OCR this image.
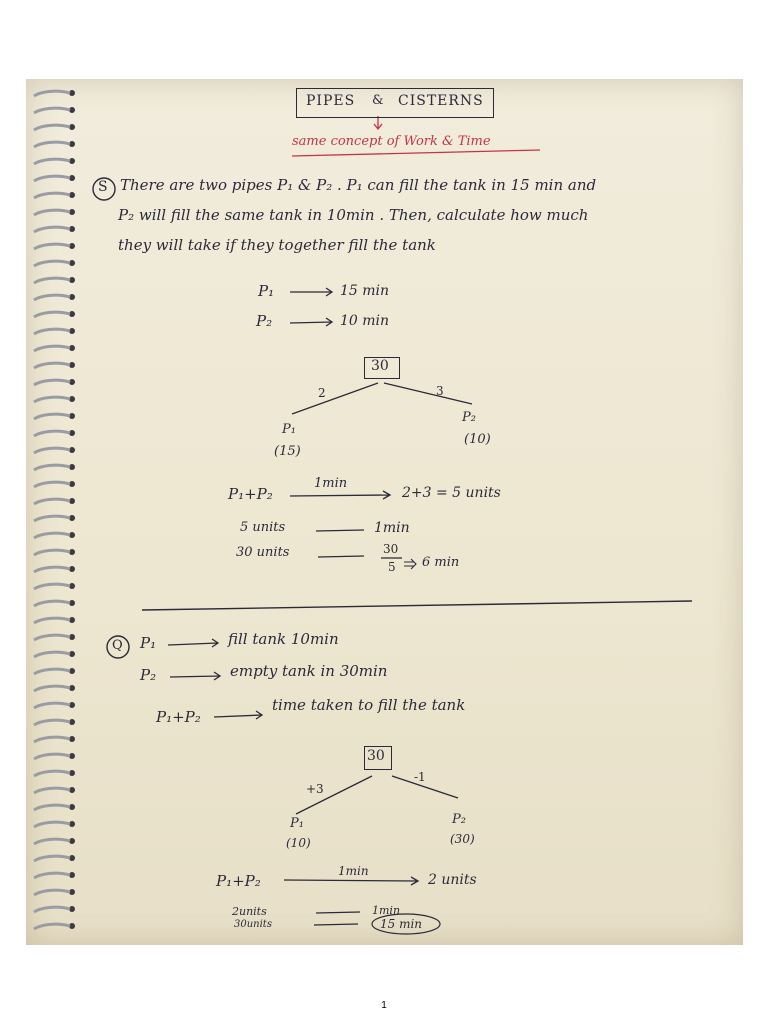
PIPES & CISTERNS
same concept of Work & Time
S There are two pipes P₁ & P₂ . P₁ can fill the tank in 15 min and
P₂ will fill the same tank in 10min . Then, calculate how much
they will take if they together fill the tank
P₁	15 min
P₂	10 min
30
2	3
P₁
(15)
P₂
(10)
P₁+P₂
1min
2+3 = 5 units
5 units	1min
30 units	30
5 6 min
Q P₁	fill tank 10min
P₂	empty tank in 30min
P₁+P₂
time taken to fill the tank
30
+3
-1
P₁
(10)
P₂
(30)
P₁+P₂
1min
2 units
2units	1min
30units	15 min
1
